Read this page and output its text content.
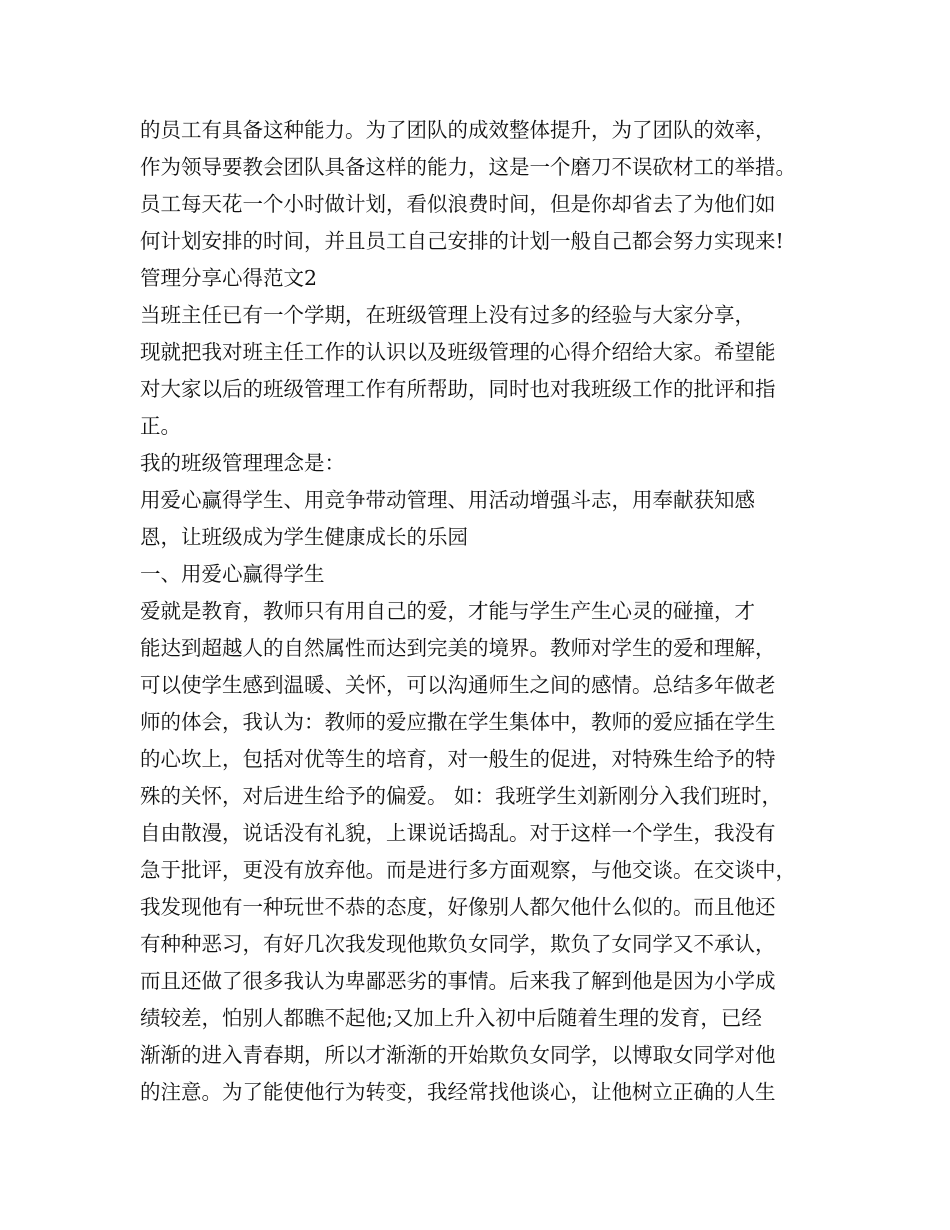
的员工有具备这种能力。为了团队的成效整体提升，为了团队的效率，
作为领导要教会团队具备这样的能力，这是一个磨刀不误砍材工的举措。
员工每天花一个小时做计划，看似浪费时间，但是你却省去了为他们如
何计划安排的时间，并且员工自己安排的计划一般自己都会努力实现来!
管理分享心得范文2
当班主任已有一个学期，在班级管理上没有过多的经验与大家分享，
现就把我对班主任工作的认识以及班级管理的心得介绍给大家。希望能
对大家以后的班级管理工作有所帮助，同时也对我班级工作的批评和指
正。
我的班级管理理念是：
用爱心赢得学生、用竞争带动管理、用活动增强斗志，用奉献获知感
恩，让班级成为学生健康成长的乐园
一、用爱心赢得学生
爱就是教育，教师只有用自己的爱，才能与学生产生心灵的碰撞，才
能达到超越人的自然属性而达到完美的境界。教师对学生的爱和理解，
可以使学生感到温暖、关怀，可以沟通师生之间的感情。总结多年做老
师的体会，我认为：教师的爱应撒在学生集体中，教师的爱应插在学生
的心坎上，包括对优等生的培育，对一般生的促进，对特殊生给予的特
殊的关怀，对后进生给予的偏爱。 如：我班学生刘新刚分入我们班时，
自由散漫，说话没有礼貌，上课说话捣乱。对于这样一个学生，我没有
急于批评，更没有放弃他。而是进行多方面观察，与他交谈。在交谈中，
我发现他有一种玩世不恭的态度，好像别人都欠他什么似的。而且他还
有种种恶习，有好几次我发现他欺负女同学，欺负了女同学又不承认，
而且还做了很多我认为卑鄙恶劣的事情。后来我了解到他是因为小学成
绩较差，怕别人都瞧不起他;又加上升入初中后随着生理的发育，已经
渐渐的进入青春期，所以才渐渐的开始欺负女同学，以博取女同学对他
的注意。为了能使他行为转变，我经常找他谈心，让他树立正确的人生
